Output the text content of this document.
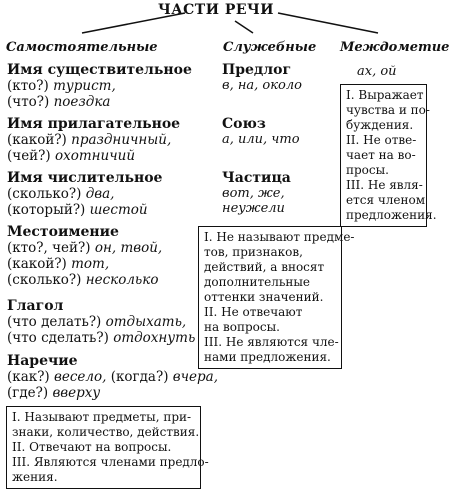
ЧАСТИ РЕЧИ
Самостоятельные	Служебные Междометие
Имя существительное
(кто?) турист,
(что?) поездка
Имя прилагательное
(какой?) праздничный,
(чей?) охотничий
Имя числительное
(сколько?) два,
(который?) шестой
Местоимение
(кто?, чей?) он, твой,
(какой?) тот,
(сколько?) несколько
Глагол
(что делать?) отдыхать,
(что сделать?) отдохнуть
Наречие
(как?) весело, (когда?) вчера,
(где?) вверху
I. Называют предметы, при-
знаки, количество, действия.
II. Отвечают на вопросы.
III. Являются членами предло-
жения.
Предлог
в, на, около
Союз
а, или, что
Частица
вот, же,
неужели
I. Не называют предме-
тов, признаков,
действий, а вносят
дополнительные
оттенки значений.
II. Не отвечают
на вопросы.
III. Не являются чле-
нами предложения.
ах, ой
I. Выражает
чувства и по-
буждения.
II. Не отве-
чает на во-
просы.
III. Не явля-
ется членом
предложения.
